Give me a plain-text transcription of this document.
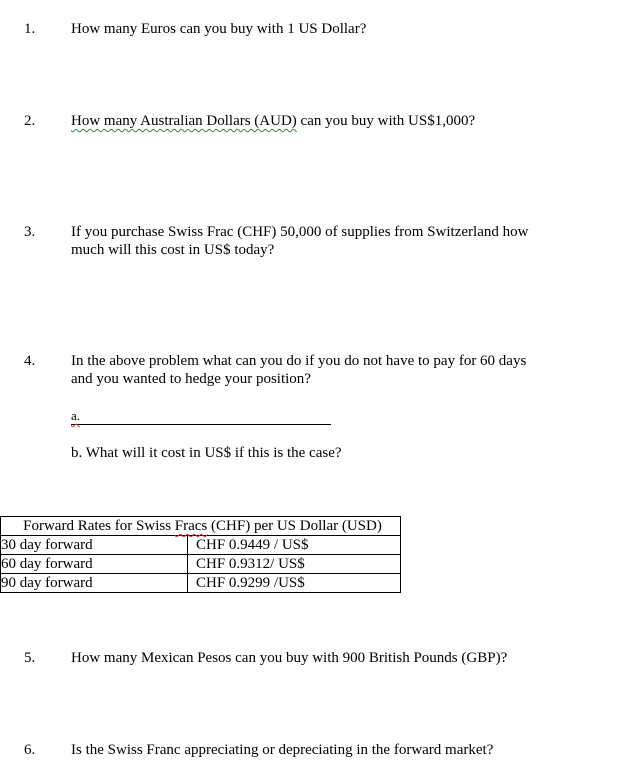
1. How many Euros can you buy with 1 US Dollar?
2. How many Australian Dollars (AUD) can you buy with US$1,000?
3. If you purchase Swiss Frac (CHF) 50,000 of supplies from Switzerland how
much will this cost in US$ today?
4. In the above problem what can you do if you do not have to pay for 60 days
and you wanted to hedge your position?
a.
b. What will it cost in US$ if this is the case?
Forward Rates for Swiss Fracs (CHF) per US Dollar (USD)	
30 day forward	CHF 0.9449 / US$
60 day forward	CHF 0.9312/ US$
90 day forward	CHF 0.9299 /US$
5. How many Mexican Pesos can you buy with 900 British Pounds (GBP)?
6. Is the Swiss Franc appreciating or depreciating in the forward market?
